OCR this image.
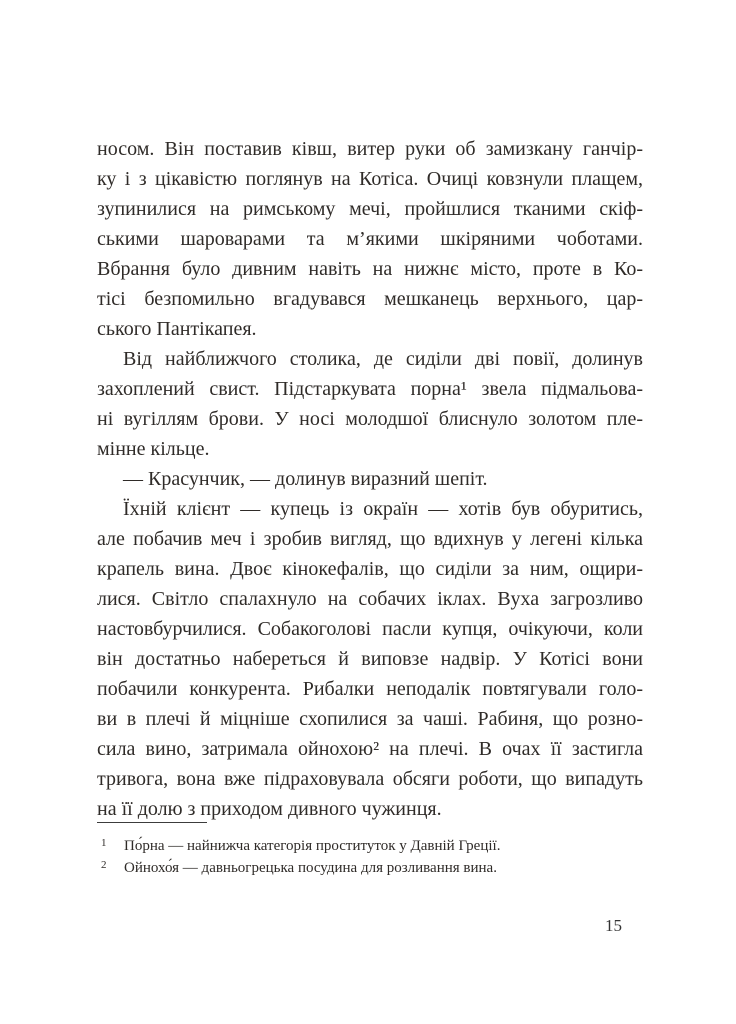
носом. Він поставив ківш, витер руки об замизкану ганчір-
ку і з цікавістю поглянув на Котіса. Очиці ковзнули плащем,
зупинилися на римському мечі, пройшлися тканими скіф-
ськими шароварами та м’якими шкіряними чоботами.
Вбрання було дивним навіть на нижнє місто, проте в Ко-
тісі безпомильно вгадувався мешканець верхнього, цар-
ського Пантікапея.
Від найближчого столика, де сиділи дві повії, долинув
захоплений свист. Підстаркувата порна¹ звела підмальова-
ні вугіллям брови. У носі молодшої блиснуло золотом пле-
мінне кільце.
— Красунчик, — долинув виразний шепіт.
Їхній клієнт — купець із окраїн — хотів був обуритись,
але побачив меч і зробив вигляд, що вдихнув у легені кілька
крапель вина. Двоє кінокефалів, що сиділи за ним, ощири-
лися. Світло спалахнуло на собачих іклах. Вуха загрозливо
настовбурчилися. Собакоголові пасли купця, очікуючи, коли
він достатньо набереться й виповзе надвір. У Котісі вони
побачили конкурента. Рибалки неподалік повтягували голо-
ви в плечі й міцніше схопилися за чаші. Рабиня, що розно-
сила вино, затримала ойнохою² на плечі. В очах її застигла
тривога, вона вже підраховувала обсяги роботи, що випадуть
на її долю з приходом дивного чужинця.
1	По́рна — найнижча категорія проституток у Давній Греції.
2	Ойнохо́я — давньогрецька посудина для розливання вина.
15
